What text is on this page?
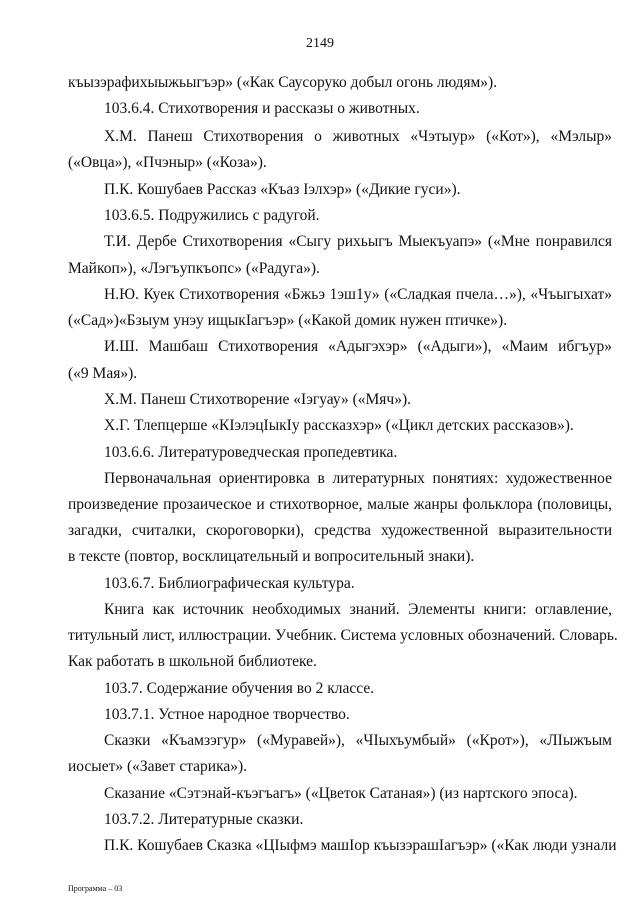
2149
къызэрафихыыжьыгъэр» («Как Саусоруко добыл огонь людям»).
103.6.4. Стихотворения и рассказы о животных.
Х.М. Панеш Стихотворения о животных «Чэтыур» («Кот»), «Мэлыр»
(«Овца»), «Пчэныр» («Коза»).
П.К. Кошубаев Рассказ «Къаз Iэлхэр» («Дикие гуси»).
103.6.5. Подружились с радугой.
Т.И. Дербе Стихотворения «Сыгу рихьыгъ Мыекъуапэ» («Мне понравился
Майкоп»), «Лэгъупкъопс» («Радуга»).
Н.Ю. Куек Стихотворения «Бжьэ 1эш1у» («Сладкая пчела…»), «Чъыгыхат»
(«Сад»)«Бзыум унэу ищыкIагъэр» («Какой домик нужен птичке»).
И.Ш. Машбаш Стихотворения «Адыгэхэр» («Адыги»), «Маим ибгъур»
(«9 Мая»).
Х.М. Панеш Стихотворение «Iэгуау» («Мяч»).
Х.Г. Тлепцерше «КIэлэцIыкIу рассказхэр» («Цикл детских рассказов»).
103.6.6. Литературоведческая пропедевтика.
Первоначальная ориентировка в литературных понятиях: художественное
произведение прозаическое и стихотворное, малые жанры фольклора (половицы,
загадки, считалки, скороговорки), средства художественной выразительности
в тексте (повтор, восклицательный и вопросительный знаки).
103.6.7. Библиографическая культура.
Книга как источник необходимых знаний. Элементы книги: оглавление,
титульный лист, иллюстрации. Учебник. Система условных обозначений. Словарь.
Как работать в школьной библиотеке.
103.7. Содержание обучения во 2 классе.
103.7.1. Устное народное творчество.
Сказки «Къамзэгур» («Муравей»), «ЧIыхъумбый» («Крот»), «ЛIыжъым
иосыет» («Завет старика»).
Сказание «Сэтэнай-къэгъагъ» («Цветок Сатаная») (из нартского эпоса).
103.7.2. Литературные сказки.
П.К. Кошубаев Сказка «ЦIыфмэ машIор къызэрашIагъэр» («Как люди узнали
Программа – 03
